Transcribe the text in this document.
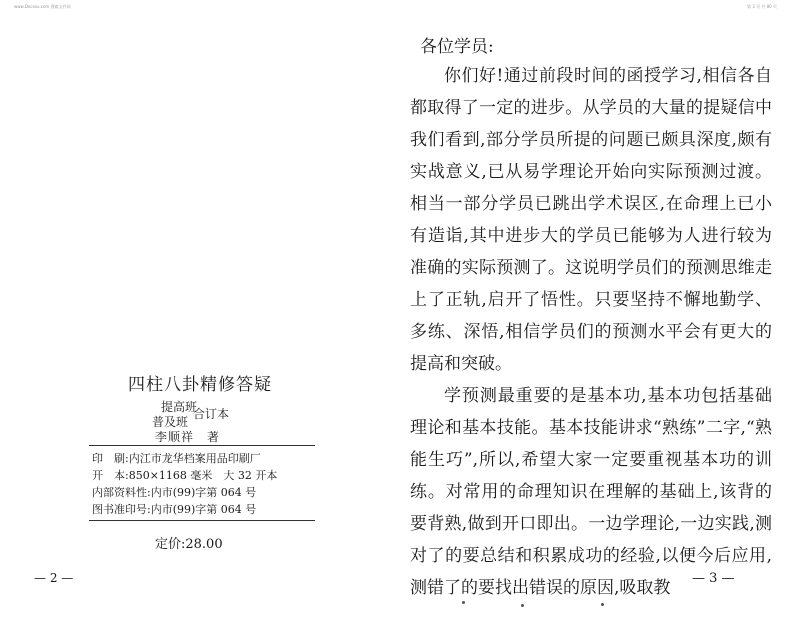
www.Docsou.com 搜索文件网	第 3 页 共 80 页
四柱八卦精修答疑
提高班
普及班
合订本
李顺祥　著
印　刷:内江市龙华档案用品印刷厂
开　本:850×1168 毫米　大 32 开本
内部资料性:内市(99)字第 064 号
图书准印号:内市(99)字第 064 号
定价:28.00
— 2 —
各位学员:

你们好!通过前段时间的函授学习,相信各自都取得了一定的进步。从学员的大量的提疑信中我们看到,部分学员所提的问题已颇具深度,颇有实战意义,已从易学理论开始向实际预测过渡。相当一部分学员已跳出学术误区,在命理上已小有造诣,其中进步大的学员已能够为人进行较为准确的实际预测了。这说明学员们的预测思维走上了正轨,启开了悟性。只要坚持不懈地勤学、多练、深悟,相信学员们的预测水平会有更大的提高和突破。

学预测最重要的是基本功,基本功包括基础理论和基本技能。基本技能讲求“熟练”二字,“熟能生巧”,所以,希望大家一定要重视基本功的训练。对常用的命理知识在理解的基础上,该背的要背熟,做到开口即出。一边学理论,一边实践,测对了的要总结和积累成功的经验,以便今后应用,测错了的要找出错误的原因,吸取教	— 3 —
